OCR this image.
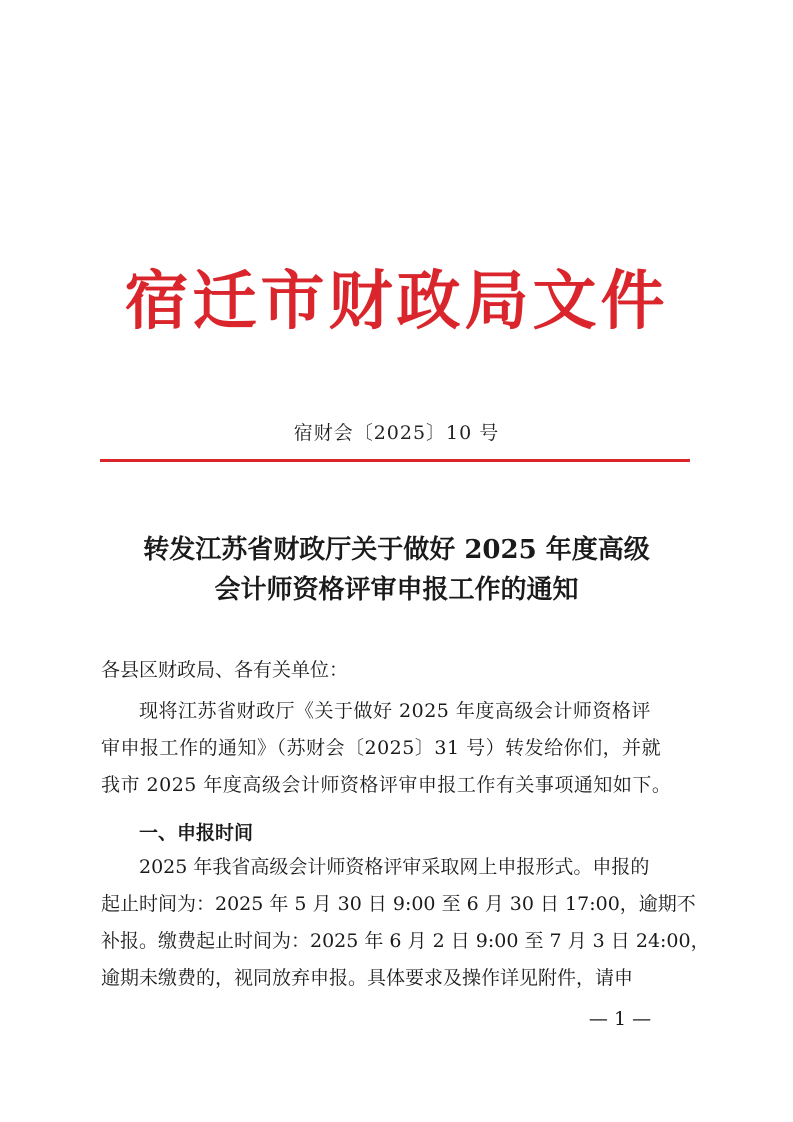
宿迁市财政局文件
宿财会〔2025〕10 号
转发江苏省财政厅关于做好 2025 年度高级
会计师资格评审申报工作的通知
各县区财政局、各有关单位：
现将江苏省财政厅《关于做好 2025 年度高级会计师资格评
审申报工作的通知》（苏财会〔2025〕31 号）转发给你们，并就
我市 2025 年度高级会计师资格评审申报工作有关事项通知如下。
一、申报时间
2025 年我省高级会计师资格评审采取网上申报形式。申报的
起止时间为：2025 年 5 月 30 日 9:00 至 6 月 30 日 17:00，逾期不
补报。缴费起止时间为：2025 年 6 月 2 日 9:00 至 7 月 3 日 24:00，
逾期未缴费的，视同放弃申报。具体要求及操作详见附件，请申
— 1 —
